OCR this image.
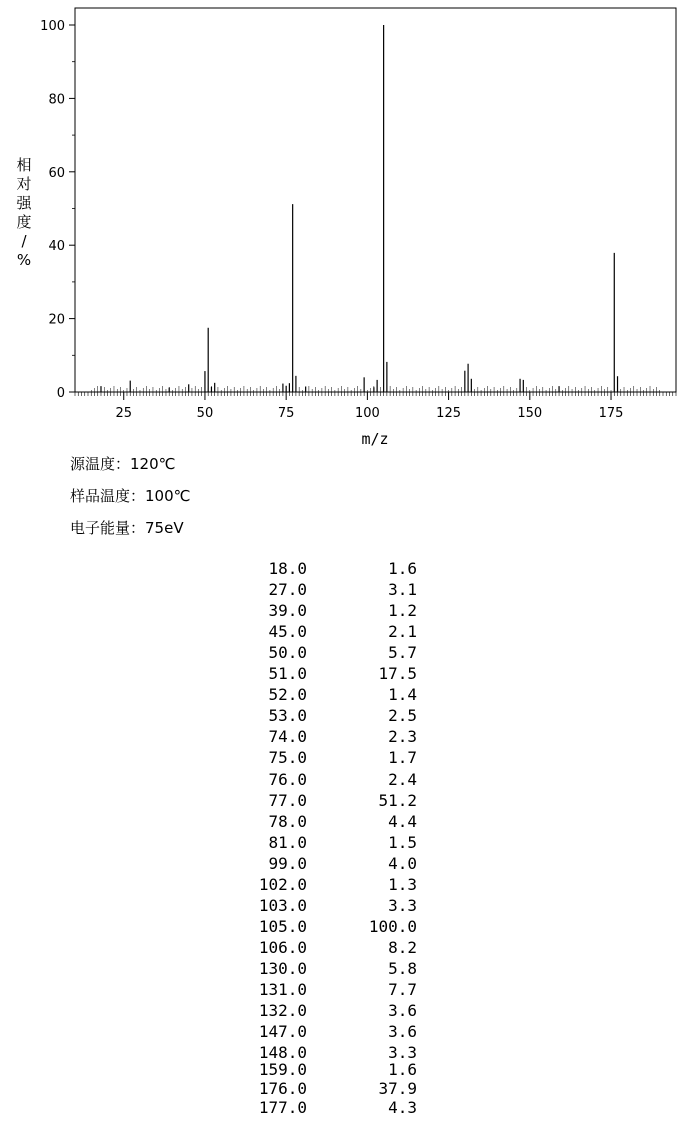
25	50	75	100	125	150	175
0
20
40
60
80
100
m/z
相对强度/ %
源温度：120℃
样品温度：100℃
电子能量：75eV
18.0	1.6
27.0	3.1
39.0	1.2
45.0	2.1
50.0	5.7
51.0	17.5
52.0	1.4
53.0	2.5
74.0	2.3
75.0	1.7
76.0	2.4
77.0	51.2
78.0	4.4
81.0	1.5
99.0	4.0
102.0	1.3
103.0	3.3
105.0	100.0
106.0	8.2
130.0	5.8
131.0	7.7
132.0	3.6
147.0	3.6
148.0	3.3
159.0	1.6
176.0	37.9
177.0	4.3
